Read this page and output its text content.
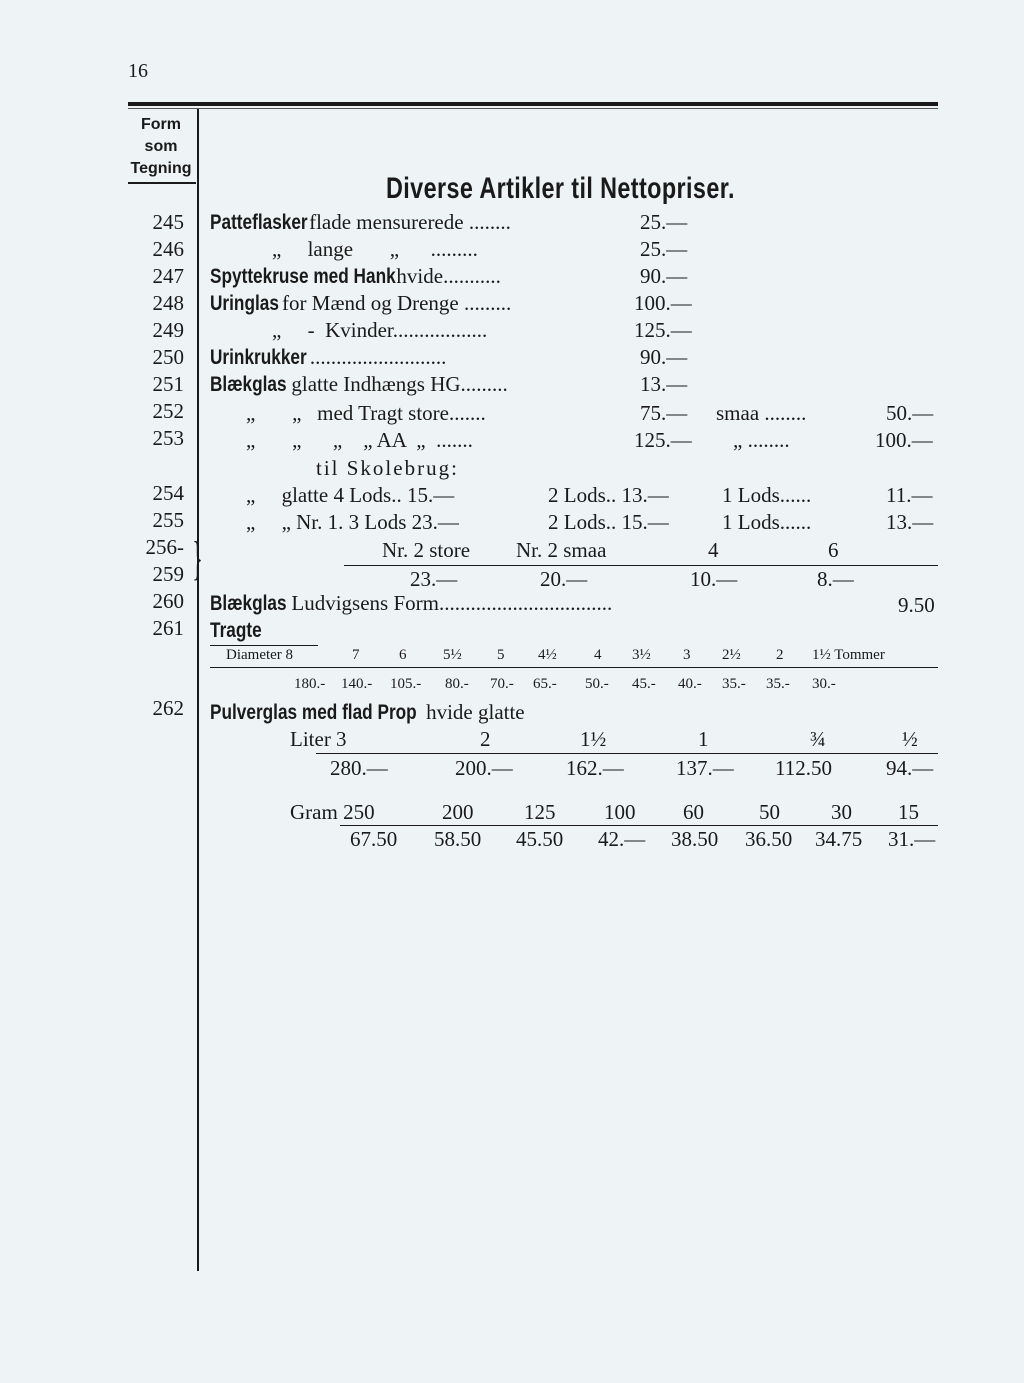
16
Form
som
Tegning
Diverse Artikler til Nettopriser.
245 Patteflaskerflade mensurerede ........	25.—
246	„     lange       „      .........	25.—
247 Spyttekruse med Hankhvide...........	90.—
248 Uringlas for Mænd og Drenge .........	100.—
249	„     -  Kvinder..................	125.—
250 Urinkrukker ..........................	90.—
251 Blækglas glatte Indhængs HG.........	13.—
252	„       „   med Tragt store.......	75.— smaa ........	50.—
253	„       „      „    „ AA  „  .......	125.— „ ........	100.—
til Skolebrug:
254	„     glatte 4 Lods.. 15.—	2 Lods.. 13.—	1 Lods......	11.—
255	„     „ Nr. 1. 3 Lods 23.—	2 Lods.. 15.—	1 Lods......	13.—
256-
259 }	Nr. 2 store Nr. 2 smaa	4	6
23.—	20.—	10.—	8.—
260 Blækglas Ludvigsens Form.................................	9.50
261 Tragte
Diameter 8	7	6 5½ 5 4½ 4 3½ 3 2½ 2 1½ Tommer
180.- 140.- 105.- 80.- 70.- 65.- 50.- 45.- 40.- 35.- 35.- 30.-
262 Pulverglas med flad Prop hvide glatte
Liter 3	2	1½	1	¾	½
280.—	200.—	162.— 137.— 112.50	94.—
Gram 250	200 125 100 60	50 30 15
67.50 58.50 45.50 42.— 38.50 36.50 34.75 31.—
